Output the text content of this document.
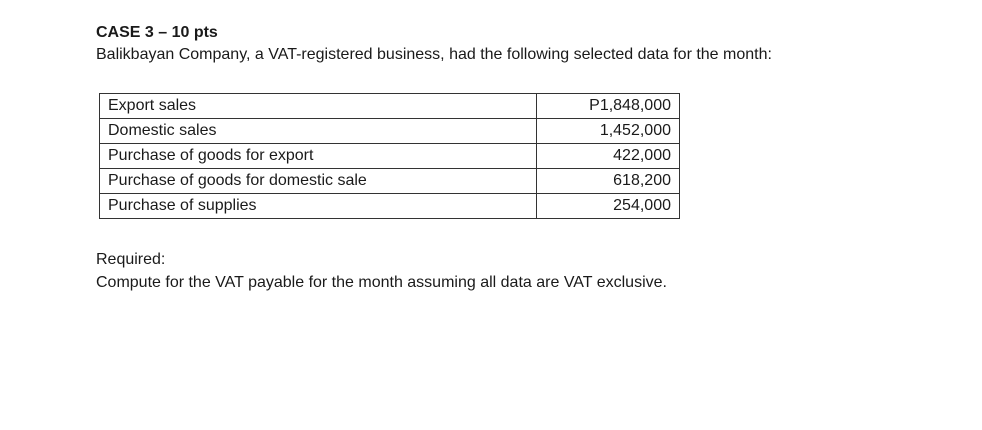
CASE 3 – 10 pts

Balikbayan Company, a VAT-registered business, had the following selected data for the month:

Export sales	P1,848,000
Domestic sales	1,452,000
Purchase of goods for export	422,000
Purchase of goods for domestic sale	618,200
Purchase of supplies	254,000
Required:
Compute for the VAT payable for the month assuming all data are VAT exclusive.
